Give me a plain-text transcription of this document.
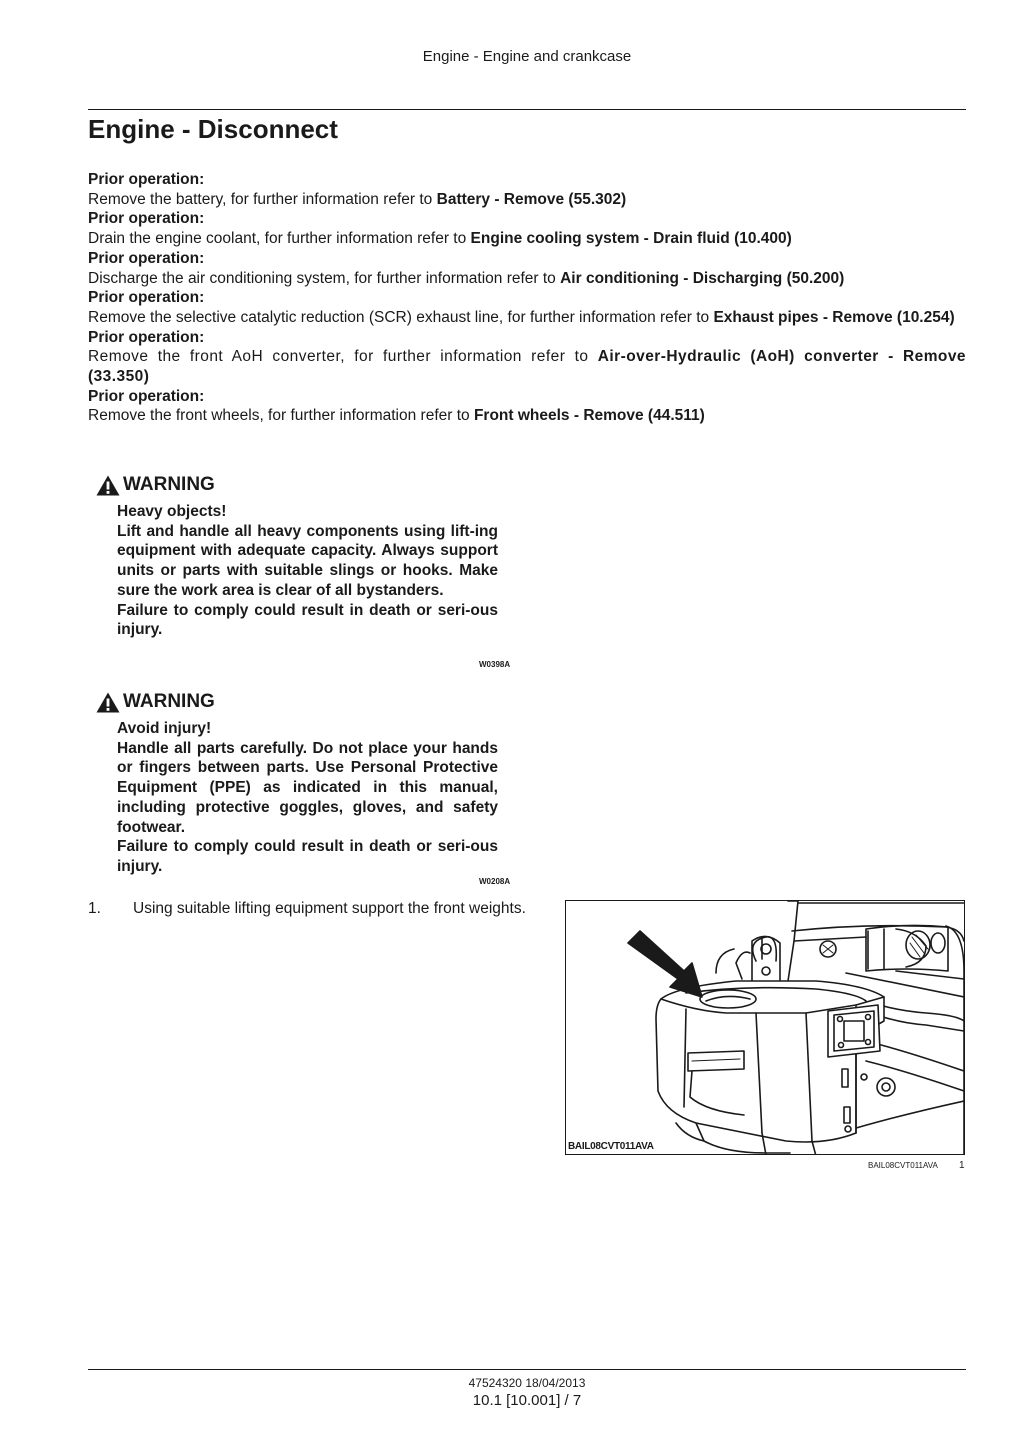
Engine - Engine and crankcase
Engine - Disconnect
Prior operation:
Remove the battery, for further information refer to Battery - Remove (55.302)
Prior operation:
Drain the engine coolant, for further information refer to Engine cooling system - Drain fluid (10.400)
Prior operation:
Discharge the air conditioning system, for further information refer to Air conditioning - Discharging (50.200)
Prior operation:
Remove the selective catalytic reduction (SCR) exhaust line, for further information refer to Exhaust pipes - Remove (10.254)
Prior operation:
Remove the front AoH converter, for further information refer to Air-over-Hydraulic (AoH) converter - Remove (33.350)
Prior operation:
Remove the front wheels, for further information refer to Front wheels - Remove (44.511)
WARNING
Heavy objects!
Lift and handle all heavy components using lift-ing equipment with adequate capacity. Always support units or parts with suitable slings or hooks. Make sure the work area is clear of all bystanders.
Failure to comply could result in death or seri-ous injury.
W0398A
WARNING
Avoid injury!
Handle all parts carefully. Do not place your hands or fingers between parts. Use Personal Protective Equipment (PPE) as indicated in this manual, including protective goggles, gloves, and safety footwear.
Failure to comply could result in death or seri-ous injury.
W0208A
1.	Using suitable lifting equipment support the front weights.
BAIL08CVT011AVA
BAIL08CVT011AVA 1
47524320 18/04/2013
10.1 [10.001] / 7
